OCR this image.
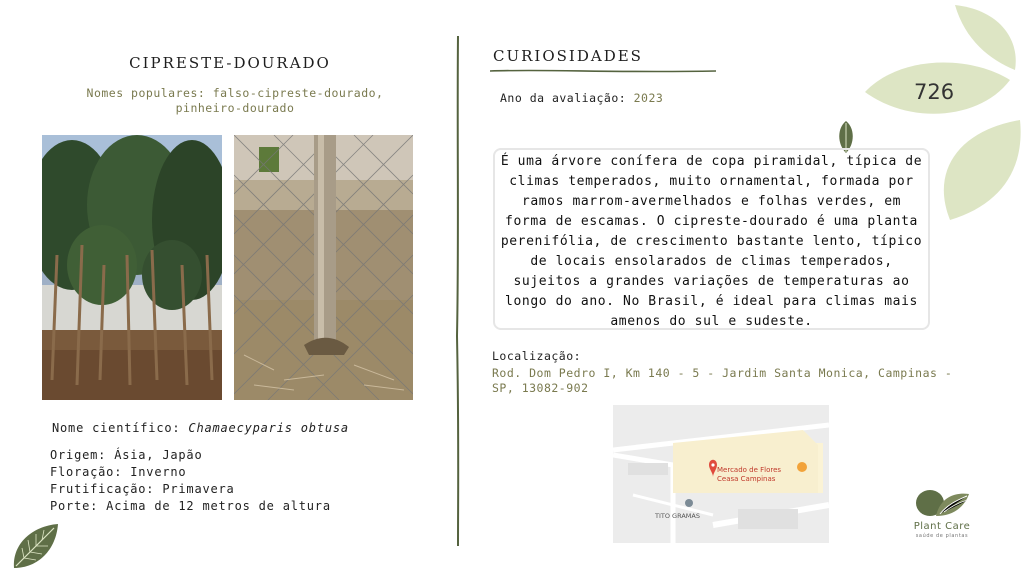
726
CIPRESTE-DOURADO
Nomes populares: falso-cipreste-dourado, pinheiro-dourado
Nome científico: Chamaecyparis obtusa
Origem: Ásia, Japão
Floração: Inverno
Frutificação: Primavera
Porte: Acima de 12 metros de altura
CURIOSIDADES
Ano da avaliação: 2023
É uma árvore conífera de copa piramidal, típica de climas temperados, muito ornamental, formada por ramos marrom-avermelhados e folhas verdes, em forma de escamas. O cipreste-dourado é uma planta perenifólia, de crescimento bastante lento, típico de locais ensolarados de climas temperados, sujeitos a grandes variações de temperaturas ao longo do ano. No Brasil, é ideal para climas mais amenos do sul e sudeste.
Localização:
Rod. Dom Pedro I, Km 140 - 5 - Jardim Santa Monica, Campinas - SP, 13082-902
Mercado de Flores Ceasa Campinas
TITO GRAMAS
Plant Care
saúde de plantas
